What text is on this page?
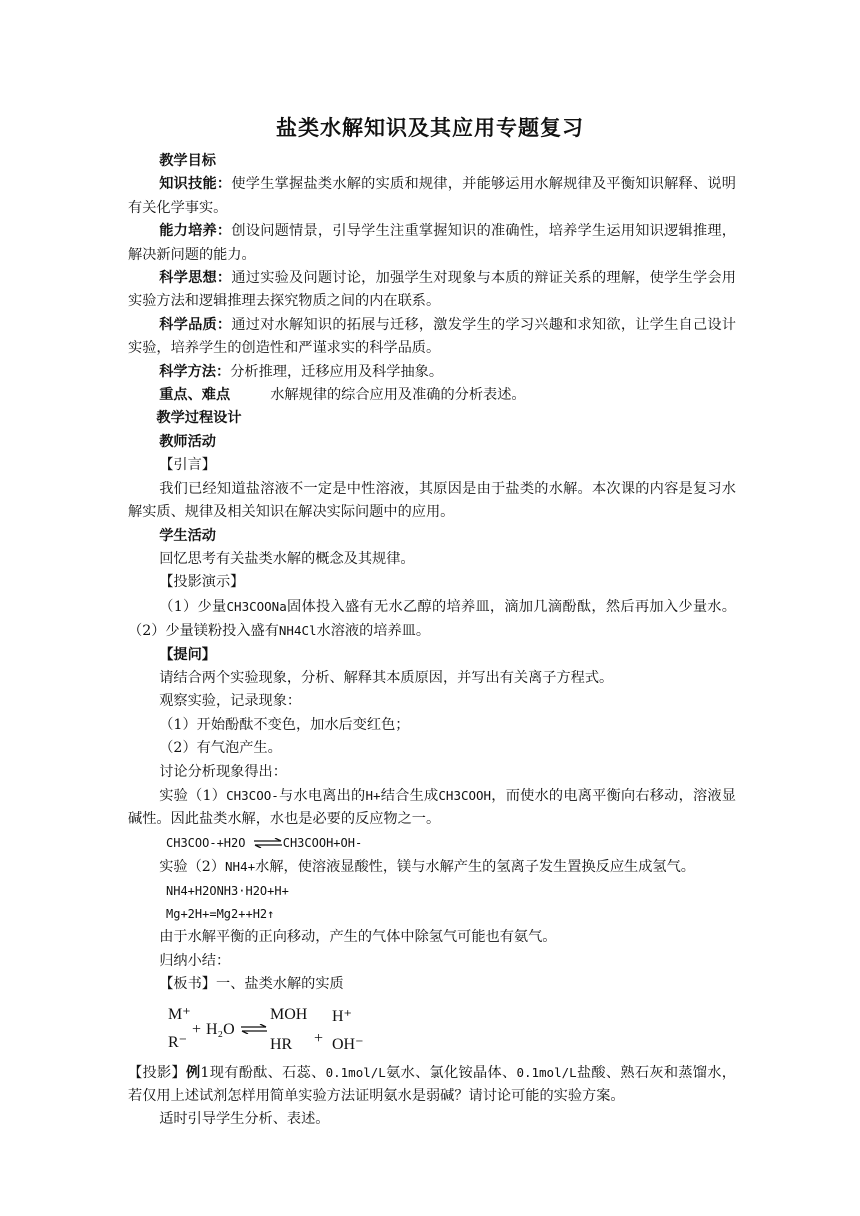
盐类水解知识及其应用专题复习

教学目标

知识技能：使学生掌握盐类水解的实质和规律，并能够运用水解规律及平衡知识解释、说明有关化学事实。

能力培养：创设问题情景，引导学生注重掌握知识的准确性，培养学生运用知识逻辑推理，解决新问题的能力。

科学思想：通过实验及问题讨论，加强学生对现象与本质的辩证关系的理解，使学生学会用实验方法和逻辑推理去探究物质之间的内在联系。

科学品质：通过对水解知识的拓展与迁移，激发学生的学习兴趣和求知欲，让学生自己设计实验，培养学生的创造性和严谨求实的科学品质。

科学方法：分析推理，迁移应用及科学抽象。

重点、难点	水解规律的综合应用及准确的分析表述。

教学过程设计

教师活动

【引言】

我们已经知道盐溶液不一定是中性溶液，其原因是由于盐类的水解。本次课的内容是复习水解实质、规律及相关知识在解决实际问题中的应用。

学生活动

回忆思考有关盐类水解的概念及其规律。

【投影演示】

（1）少量CH3COONa固体投入盛有无水乙醇的培养皿，滴加几滴酚酞，然后再加入少量水。（2）少量镁粉投入盛有NH4Cl水溶液的培养皿。

【提问】

请结合两个实验现象，分析、解释其本质原因，并写出有关离子方程式。

观察实验，记录现象：

（1）开始酚酞不变色，加水后变红色；

（2）有气泡产生。

讨论分析现象得出：

实验（1）CH3COO-与水电离出的H+结合生成CH3COOH，而使水的电离平衡向右移动，溶液显碱性。因此盐类水解，水也是必要的反应物之一。

CH3COO-+H2O ⇌CH3COOH+OH-

实验（2）NH4+水解，使溶液显酸性，镁与水解产生的氢离子发生置换反应生成氢气。

NH4+H2ONH3·H2O+H+

Mg+2H+=Mg2++H2↑

由于水解平衡的正向移动，产生的气体中除氢气可能也有氨气。

归纳小结：

【板书】一、盐类水解的实质

M⁺
R⁻
+ H₂O ⇌
MOH
HR +
H⁺
OH⁻

【投影】例1现有酚酞、石蕊、0.1mol/L氨水、氯化铵晶体、0.1mol/L盐酸、熟石灰和蒸馏水，若仅用上述试剂怎样用简单实验方法证明氨水是弱碱？请讨论可能的实验方案。

适时引导学生分析、表述。
